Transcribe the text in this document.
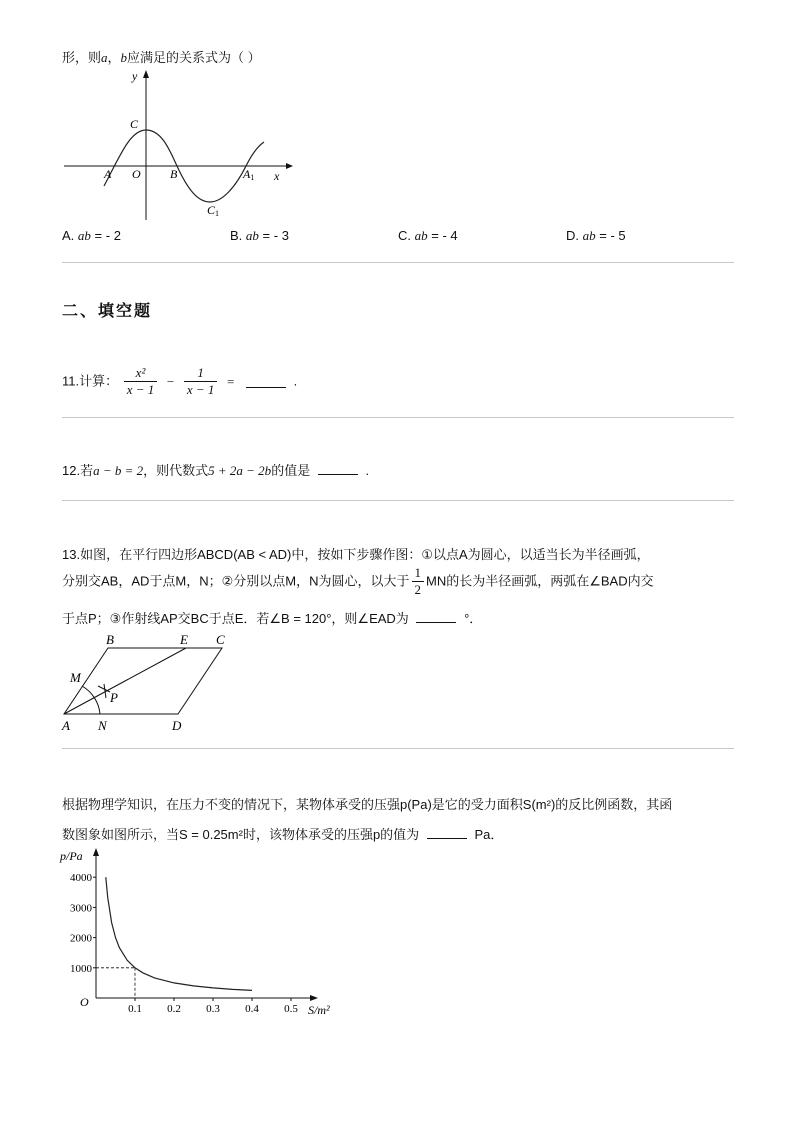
形，则a，b应满足的关系式为（ ）
y
x
C
O
A	B	A1
C1
A. ab = ‐ 2	B. ab = ‐ 3	C. ab = ‐ 4	D. ab = ‐ 5
二、填空题
11.计算： $\frac{\text{x²}}{x - 1} - \frac{1}{x - 1}$ =	.
12.若a − b = 2，则代数式5 + 2a − 2b的值是	.
13.如图，在平行四边形ABCD(AB < AD)中，按如下步骤作图：①以点A为圆心，以适当长为半径画弧，
分别交AB，AD于点M，N；②分别以点M，N为圆心，以大于 $\frac{1}{2}$ MN的长为半径画弧，两弧在∠BAD内交
于点P；③作射线AP交BC于点E．若∠B = 120°，则∠EAD为	°．
B	E C
M
P
A N	D
根据物理学知识，在压力不变的情况下，某物体承受的压强p(Pa)是它的受力面积S(m²)的反比例函数，其函
数图象如图所示，当S = 0.25m²时，该物体承受的压强p的值为	Pa．
p/Pa
S/m²
O
1000
2000
3000
4000
0.1 0.2 0.3 0.4 0.5
